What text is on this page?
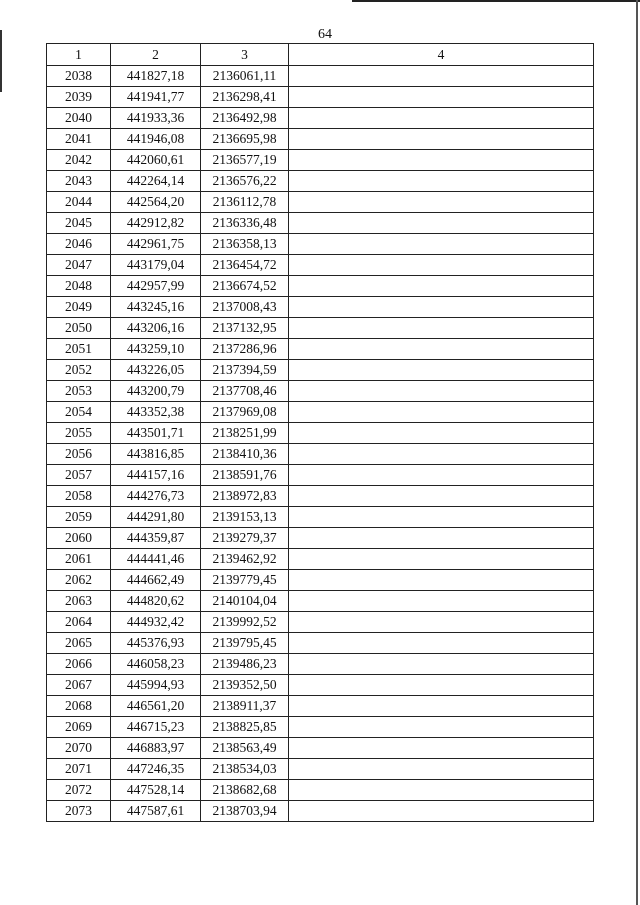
64
1	2	3	4
2038	441827,18	2136061,11	
2039	441941,77	2136298,41	
2040	441933,36	2136492,98	
2041	441946,08	2136695,98	
2042	442060,61	2136577,19	
2043	442264,14	2136576,22	
2044	442564,20	2136112,78	
2045	442912,82	2136336,48	
2046	442961,75	2136358,13	
2047	443179,04	2136454,72	
2048	442957,99	2136674,52	
2049	443245,16	2137008,43	
2050	443206,16	2137132,95	
2051	443259,10	2137286,96	
2052	443226,05	2137394,59	
2053	443200,79	2137708,46	
2054	443352,38	2137969,08	
2055	443501,71	2138251,99	
2056	443816,85	2138410,36	
2057	444157,16	2138591,76	
2058	444276,73	2138972,83	
2059	444291,80	2139153,13	
2060	444359,87	2139279,37	
2061	444441,46	2139462,92	
2062	444662,49	2139779,45	
2063	444820,62	2140104,04	
2064	444932,42	2139992,52	
2065	445376,93	2139795,45	
2066	446058,23	2139486,23	
2067	445994,93	2139352,50	
2068	446561,20	2138911,37	
2069	446715,23	2138825,85	
2070	446883,97	2138563,49	
2071	447246,35	2138534,03	
2072	447528,14	2138682,68	
2073	447587,61	2138703,94	
